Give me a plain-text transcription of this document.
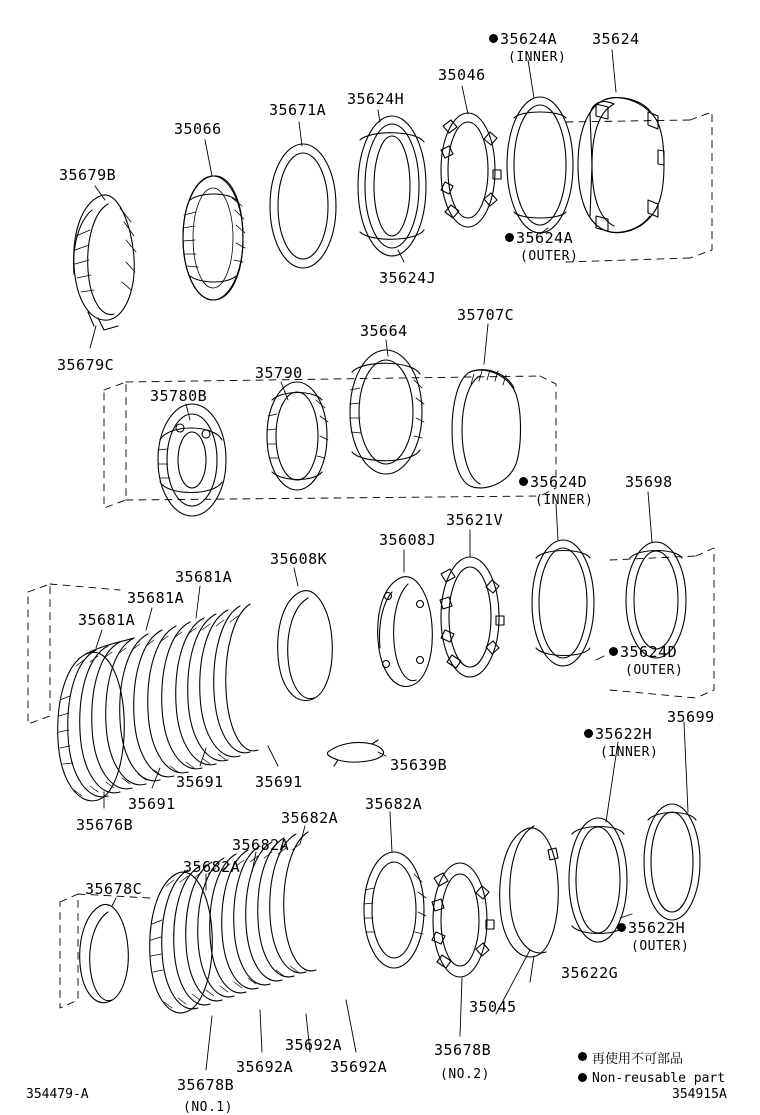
35624A
(INNER)
35624
35046
35624H
35671A
35066
35679B
35624A
(OUTER)
35624J
35679C
35707C
35664
35790
35780B
35624D
(INNER)
35698
35621V
35608J
35608K
35681A
35681A
35681A
35624D
(OUTER)
35699
35622H
(INNER)
35639B
35691 35691
35691
35676B
35682A
35682A
35682A
35682A
35678C
35622H
(OUTER)
35622G
35045
35692A
35692A 35692A
35678B
(NO.2)
35678B
(NO.1)
再使用不可部品
Non-reusable part
354479-A	354915A
